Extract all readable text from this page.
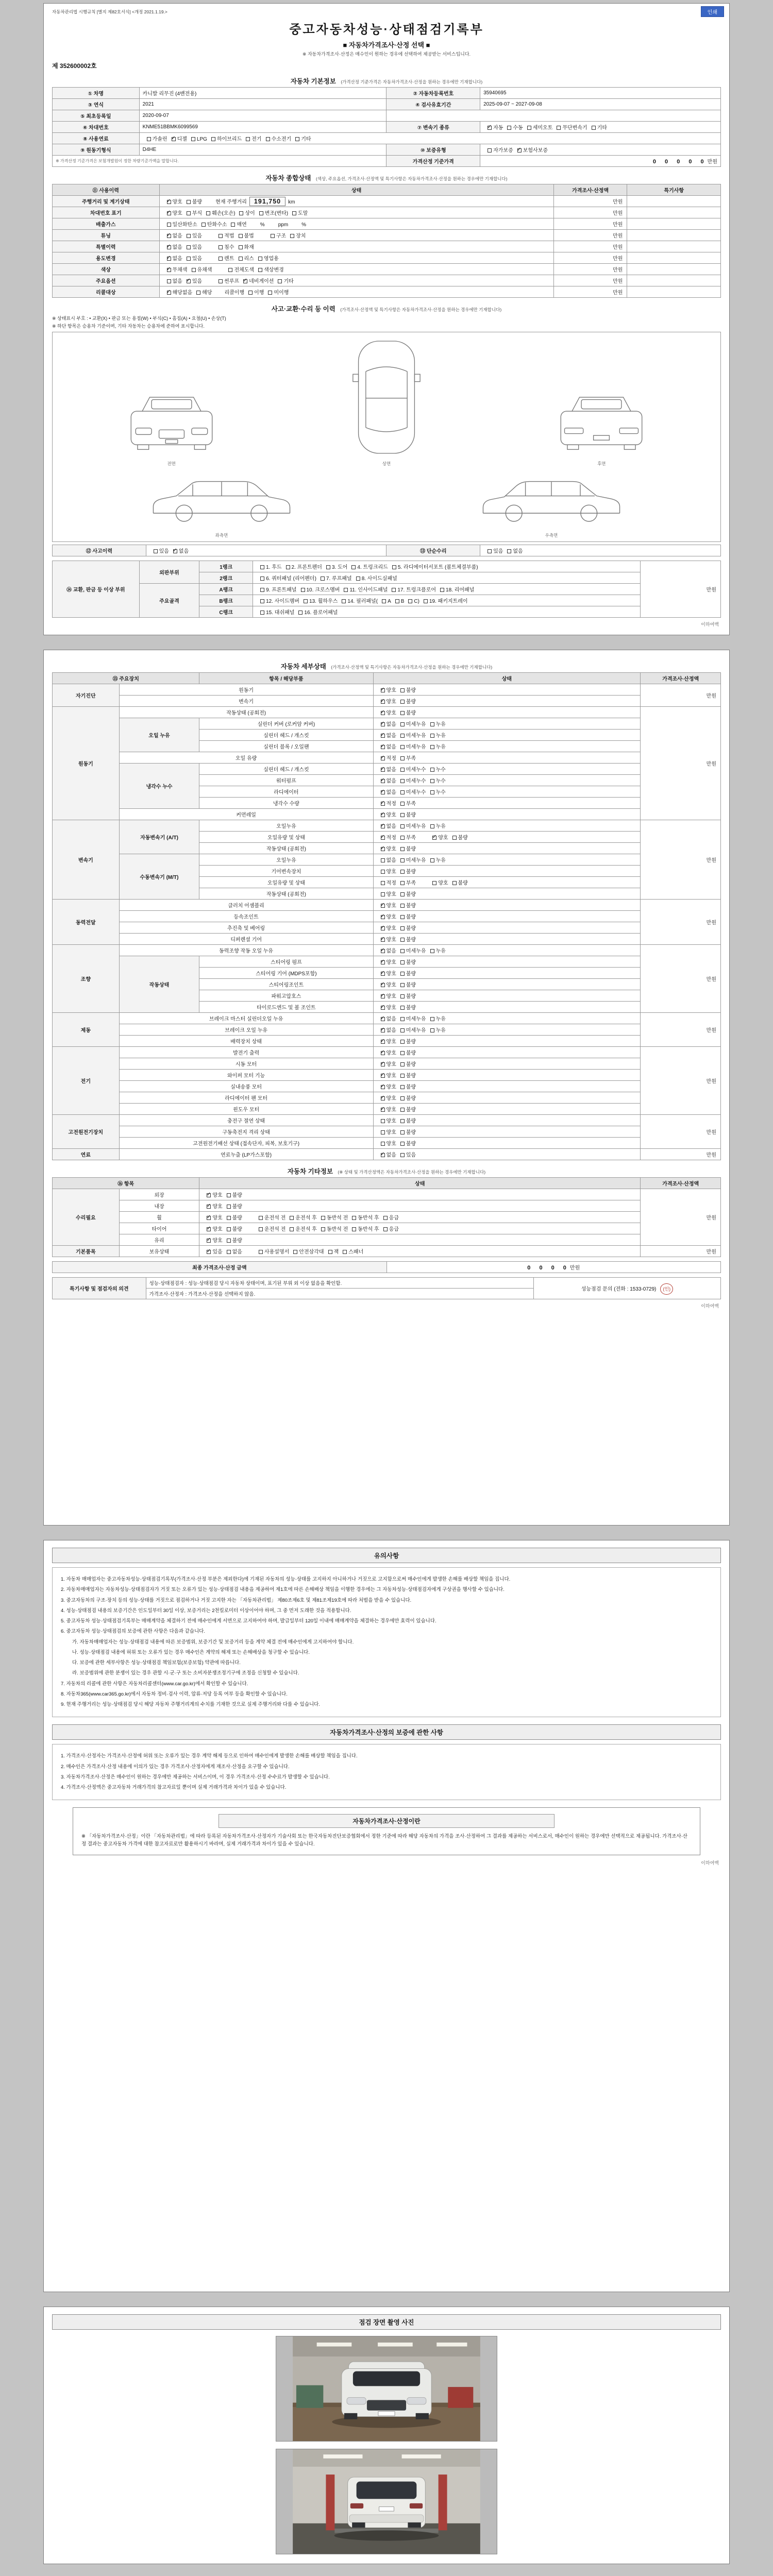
자동차관리법 시행규칙 [별지 제82호서식] <개정 2021.1.19.>	인쇄
중고자동차성능·상태점검기록부
■ 자동차가격조사·산정 선택 ■
※ 자동차가격조사·산정은 매수인이 원하는 경우에 선택하여 제공받는 서비스입니다.
제 352600002호
자동차 기본정보 (가격산정 기준가격은 자동차가격조사·산정을 원하는 경우에만 기재합니다)
① 차명	카니발 리무진 (4밴전용)	② 자동차등록번호	35940695
③ 연식	2021	④ 검사유효기간	2025-09-07 ~ 2027-09-08
⑤ 최초등록일	2020-09-07		
⑥ 차대번호	KNME51BBMK6099569	⑦ 변속기 종류	✓자동 수동 세미오토 무단변속기 기타
⑧ 사용연료	가솔린 ✓ 디젤 LPG 하이브리드 전기 수소전기 기타
⑨ 원동기형식	D4HE	⑩ 보증유형	자가보증 ✓ 보험사보증
※ 가격산정 기준가격은 보험개발원이 정한 차량기준가액을 말합니다.		가격산정 기준가격	0 0 0 0 0만원
자동차 종합상태 (색상, 주요옵션, 가격조사·산정액 및 특기사항은 자동차가격조사·산정을 원하는 경우에만 기재합니다)
⑪ 사용이력	상태	가격조사·산정액	특기사항
주행거리 및 계기상태	✓양호 불량 현재 주행거리 191,750 km	만원	
차대번호 표기	✓양호 부식 훼손(오손) 상이 변조(변타) 도말	만원	
배출가스	일산화탄소 탄화수소 매연 % ppm %	만원	
튜닝	✓없음 있음 적법 불법 구조 장치	만원	
특별이력	✓없음 있음 침수 화재	만원	
용도변경	✓없음 있음 렌트 리스 영업용	만원	
색상	✓무채색 유채색 전체도색 색상변경	만원	
주요옵션	없음 ✓ 있음 썬루프 ✓ 네비게이션 기타	만원	
리콜대상	✓해당없음 해당 리콜이행 이행 미이행	만원	
사고·교환·수리 등 이력 (가격조사·산정액 및 특기사항은 자동차가격조사·산정을 원하는 경우에만 기재합니다)
※ 상태표시 부호 : • 교환(X) • 판금 또는 용접(W) • 부식(C) • 흠집(A) • 요철(U) • 손상(T)
※ 하단 항목은 승용차 기준이며, 기타 자동차는 승용차에 준하여 표시합니다.
전면	상면	후면
좌측면	우측면
⑫ 사고이력	있음 ✓ 없음	⑬ 단순수리	있음 없음
⑭ 교환, 판금 등 이상 부위	외판부위	1랭크	1. 후드 2. 프론트펜더 3. 도어 4. 트렁크리드 5. 라디에이터서포트 (볼트체결부품)	만원
		2랭크	6. 쿼터패널 (리어펜더) 7. 루프패널 8. 사이드실패널	
	주요골격	A랭크	9. 프론트패널 10. 크로스멤버 11. 인사이드패널 17. 트렁크플로어 18. 리어패널	
		B랭크	12. 사이드멤버 13. 휠하우스 14. 필러패널( A B C) 19. 패키지트레이	
		C랭크	15. 대쉬패널 16. 플로어패널	
이하여백
자동차 세부상태 (가격조사·산정액 및 특기사항은 자동차가격조사·산정을 원하는 경우에만 기재합니다)
⑮ 주요장치		항목 / 해당부품	상태	가격조사·산정액
자기진단	원동기	✓양호 불량	만원
	변속기	✓양호 불량
원동기	작동상태 (공회전)	✓양호 불량	만원
	오일 누유	실린더 커버 (로커암 커버)	✓없음 미세누유 누유
		실린더 헤드 / 개스킷	✓없음 미세누유 누유
		실린더 블록 / 오일팬	✓없음 미세누유 누유
	오일 유량	✓적정 부족
	냉각수 누수	실린더 헤드 / 개스킷	✓없음 미세누수 누수
		워터펌프	✓없음 미세누수 누수
		라디에이터	✓없음 미세누수 누수
		냉각수 수량	✓적정 부족
	커먼레일	✓양호 불량
변속기	자동변속기 (A/T)	오일누유	✓없음 미세누유 누유	만원
		오일유량 및 상태	✓적정 부족 ✓ 양호 불량
		작동상태 (공회전)	✓양호 불량
	수동변속기 (M/T)	오일누유	없음 미세누유 누유	
		기어변속장치	양호 불량	
		오일유량 및 상태	적정 부족 양호 불량	
		작동상태 (공회전)	양호 불량	
동력전달	클러치 어셈블리	✓양호 불량	만원
	등속조인트	✓양호 불량
	추진축 및 베어링	✓양호 불량
	디퍼렌셜 기어	✓양호 불량
조향	동력조향 작동 오일 누유	✓없음 미세누유 누유	만원
	작동상태	스티어링 펌프	✓양호 불량
		스티어링 기어 (MDPS포함)	✓양호 불량
		스티어링조인트	✓양호 불량
		파워고압호스	✓양호 불량
		타이로드엔드 및 볼 조인트	✓양호 불량
제동	브레이크 마스터 실린더오일 누유	✓없음 미세누유 누유	만원
	브레이크 오일 누유	✓없음 미세누유 누유
	배력장치 상태	✓양호 불량
전기	발전기 출력	✓양호 불량	만원
	시동 모터	✓양호 불량
	와이퍼 모터 기능	✓양호 불량
	실내송풍 모터	✓양호 불량
	라디에이터 팬 모터	✓양호 불량
	윈도우 모터	✓양호 불량
고전원전기장치	충전구 절연 상태		양호 불량	만원
	구동축전지 격리 상태		양호 불량	
	고전원전기배선 상태 (접속단자, 피복, 보호기구)		양호 불량	
연료	연료누출 (LP가스포함)	✓없음 있음	만원
자동차 기타정보 (※ 상태 및 가격산정액은 자동차가격조사·산정을 원하는 경우에만 기재합니다)
⑯ 항목		상태	가격조사·산정액
수리필요	외장	✓양호 불량	만원
	내장	✓양호 불량
	휠	✓양호 불량 운전석 전 운전석 후 동반석 전 동반석 후 응급
	타이어	✓양호 불량 운전석 전 운전석 후 동반석 전 동반석 후 응급
	유리	✓양호 불량
기본품목	보유상태	✓있음 없음 사용설명서 안전삼각대 잭 스패너	만원
최종 가격조사·산정 금액	0 0 0 0만원
특기사항 및 점검자의 의견	성능·상태점검자 : 성능·상태점검 당시 자동차 상태이며, 표기된 부위 외 이상 없음을 확인함.	성능점검 문의 (전화 : 1533-0729) (인)
가격조사·산정자 : 가격조사·산정을 선택하지 않음.
이하여백
유의사항
1. 자동차 매매업자는 중고자동차성능·상태점검기록부(가격조사·산정 부분은 제외한다)에 기재된 자동차의 성능·상태를 고지하지 아니하거나 거짓으로 고지함으로써 매수인에게 발생한 손해를 배상할 책임을 집니다.
2. 자동차매매업자는 자동차성능·상태점검자가 거짓 또는 오류가 있는 성능·상태점검 내용을 제공하여 제1호에 따른 손해배상 책임을 이행한 경우에는 그 자동차성능·상태점검자에게 구상권을 행사할 수 있습니다.
3. 중고자동차의 구조·장치 등의 성능·상태를 거짓으로 점검하거나 거짓 고지한 자는 「자동차관리법」 제80조제6호 및 제81조제19호에 따라 처벌을 받을 수 있습니다.
4. 성능·상태점검 내용의 보증기간은 인도일부터 30일 이상, 보증거리는 2천킬로미터 이상이어야 하며, 그 중 먼저 도래한 것을 적용합니다.
5. 중고자동차 성능·상태점검기록부는 매매계약을 체결하기 전에 매수인에게 서면으로 고지하여야 하며, 발급일부터 120일 이내에 매매계약을 체결하는 경우에만 효력이 있습니다.
6. 중고자동차 성능·상태점검의 보증에 관한 사항은 다음과 같습니다.
가. 자동차매매업자는 성능·상태점검 내용에 따른 보증범위, 보증기간 및 보증거리 등을 계약 체결 전에 매수인에게 고지하여야 합니다.
나. 성능·상태점검 내용에 허위 또는 오류가 있는 경우 매수인은 계약의 해제 또는 손해배상을 청구할 수 있습니다.
다. 보증에 관한 세부사항은 성능·상태점검 책임보험(보증보험) 약관에 따릅니다.
라. 보증범위에 관한 분쟁이 있는 경우 관할 시·군·구 또는 소비자분쟁조정기구에 조정을 신청할 수 있습니다.
7. 자동차의 리콜에 관한 사항은 자동차리콜센터(www.car.go.kr)에서 확인할 수 있습니다.
8. 자동차365(www.car365.go.kr)에서 자동차 정비·검사 이력, 압류·저당 등록 여부 등을 확인할 수 있습니다.
9. 현재 주행거리는 성능·상태점검 당시 해당 자동차 주행거리계의 수치를 기재한 것으로 실제 주행거리와 다를 수 있습니다.
자동차가격조사·산정의 보증에 관한 사항
1. 가격조사·산정자는 가격조사·산정에 허위 또는 오류가 있는 경우 계약 해제 등으로 인하여 매수인에게 발생한 손해를 배상할 책임을 집니다.
2. 매수인은 가격조사·산정 내용에 이의가 있는 경우 가격조사·산정자에게 재조사·산정을 요구할 수 있습니다.
3. 자동차가격조사·산정은 매수인이 원하는 경우에만 제공하는 서비스이며, 이 경우 가격조사·산정 수수료가 발생할 수 있습니다.
4. 가격조사·산정액은 중고자동차 거래가격의 참고자료일 뿐이며 실제 거래가격과 차이가 있을 수 있습니다.
자동차가격조사·산정이란
※ 「자동차가격조사·산정」이란 「자동차관리법」에 따라 등록된 자동차가격조사·산정자가 기술사회 또는 한국자동차진단보증협회에서 정한 기준에 따라 해당 자동차의 가격을 조사·산정하여 그 결과를 제공하는 서비스로서, 매수인이 원하는 경우에만 선택적으로 제공됩니다. 가격조사·산정 결과는 중고자동차 가격에 대한 참고자료로만 활용하시기 바라며, 실제 거래가격과 차이가 있을 수 있습니다.
이하여백
점검 장면 촬영 사진
